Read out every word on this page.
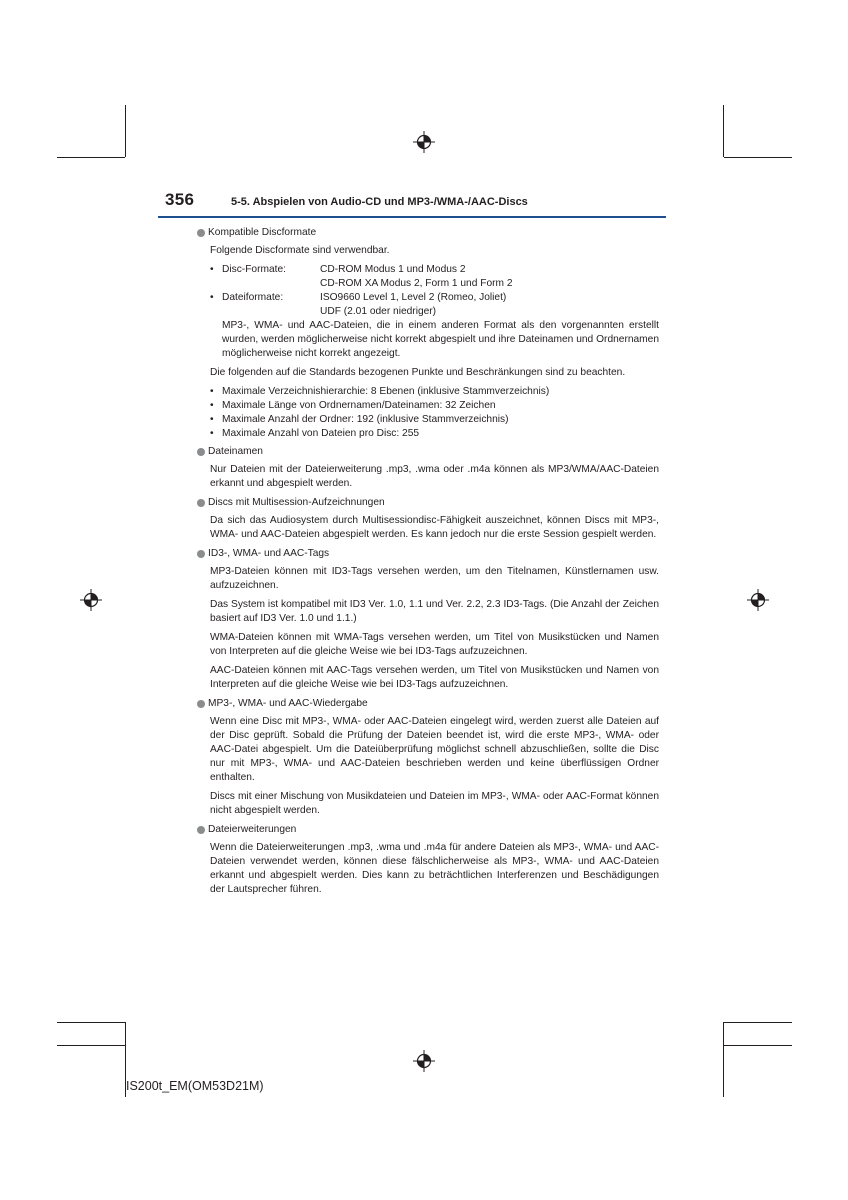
356	5-5. Abspielen von Audio-CD und MP3-/WMA-/AAC-Discs
Kompatible Discformate

Folgende Discformate sind verwendbar.

• Disc-Formate:	CD-ROM Modus 1 und Modus 2
CD-ROM XA Modus 2, Form 1 und Form 2
• Dateiformate:	ISO9660 Level 1, Level 2 (Romeo, Joliet)
UDF (2.01 oder niedriger)
MP3-, WMA- und AAC-Dateien, die in einem anderen Format als den vorgenannten erstellt wurden, werden möglicherweise nicht korrekt abgespielt und ihre Dateinamen und Ordnernamen möglicherweise nicht korrekt angezeigt.

Die folgenden auf die Standards bezogenen Punkte und Beschränkungen sind zu beachten.

• Maximale Verzeichnishierarchie: 8 Ebenen (inklusive Stammverzeichnis)
• Maximale Länge von Ordnernamen/Dateinamen: 32 Zeichen
• Maximale Anzahl der Ordner: 192 (inklusive Stammverzeichnis)
• Maximale Anzahl von Dateien pro Disc: 255
Dateinamen

Nur Dateien mit der Dateierweiterung .mp3, .wma oder .m4a können als MP3/WMA/AAC-Dateien erkannt und abgespielt werden.

Discs mit Multisession-Aufzeichnungen

Da sich das Audiosystem durch Multisessiondisc-Fähigkeit auszeichnet, können Discs mit MP3-, WMA- und AAC-Dateien abgespielt werden. Es kann jedoch nur die erste Session gespielt werden.

ID3-, WMA- und AAC-Tags

MP3-Dateien können mit ID3-Tags versehen werden, um den Titelnamen, Künstlernamen usw. aufzuzeichnen.

Das System ist kompatibel mit ID3 Ver. 1.0, 1.1 und Ver. 2.2, 2.3 ID3-Tags. (Die Anzahl der Zeichen basiert auf ID3 Ver. 1.0 und 1.1.)

WMA-Dateien können mit WMA-Tags versehen werden, um Titel von Musikstücken und Namen von Interpreten auf die gleiche Weise wie bei ID3-Tags aufzuzeichnen.

AAC-Dateien können mit AAC-Tags versehen werden, um Titel von Musikstücken und Namen von Interpreten auf die gleiche Weise wie bei ID3-Tags aufzuzeichnen.

MP3-, WMA- und AAC-Wiedergabe

Wenn eine Disc mit MP3-, WMA- oder AAC-Dateien eingelegt wird, werden zuerst alle Dateien auf der Disc geprüft. Sobald die Prüfung der Dateien beendet ist, wird die erste MP3-, WMA- oder AAC-Datei abgespielt. Um die Dateiüberprüfung möglichst schnell abzuschließen, sollte die Disc nur mit MP3-, WMA- und AAC-Dateien beschrieben werden und keine überflüssigen Ordner enthalten.

Discs mit einer Mischung von Musikdateien und Dateien im MP3-, WMA- oder AAC-Format können nicht abgespielt werden.

Dateierweiterungen

Wenn die Dateierweiterungen .mp3, .wma und .m4a für andere Dateien als MP3-, WMA- und AAC-Dateien verwendet werden, können diese fälschlicherweise als MP3-, WMA- und AAC-Dateien erkannt und abgespielt werden. Dies kann zu beträchtlichen Interferenzen und Beschädigungen der Lautsprecher führen.

IS200t_EM(OM53D21M)
